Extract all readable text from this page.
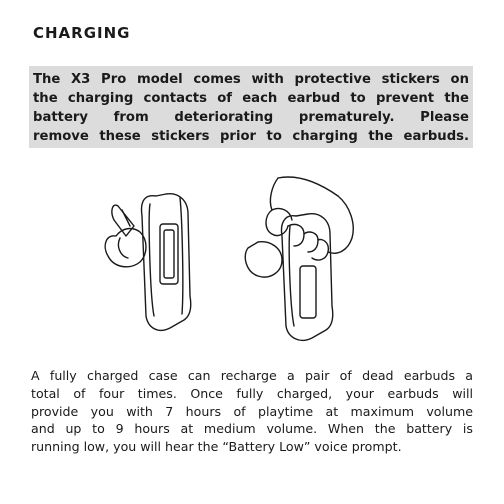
CHARGING
The X3 Pro model comes with protective stickers on
the charging contacts of each earbud to prevent the
battery from deteriorating prematurely. Please
remove these stickers prior to charging the earbuds.
A fully charged case can recharge a pair of dead earbuds a
total of four times. Once fully charged, your earbuds will
provide you with 7 hours of playtime at maximum volume
and up to 9 hours at medium volume. When the battery is
running low, you will hear the “Battery Low” voice prompt.
